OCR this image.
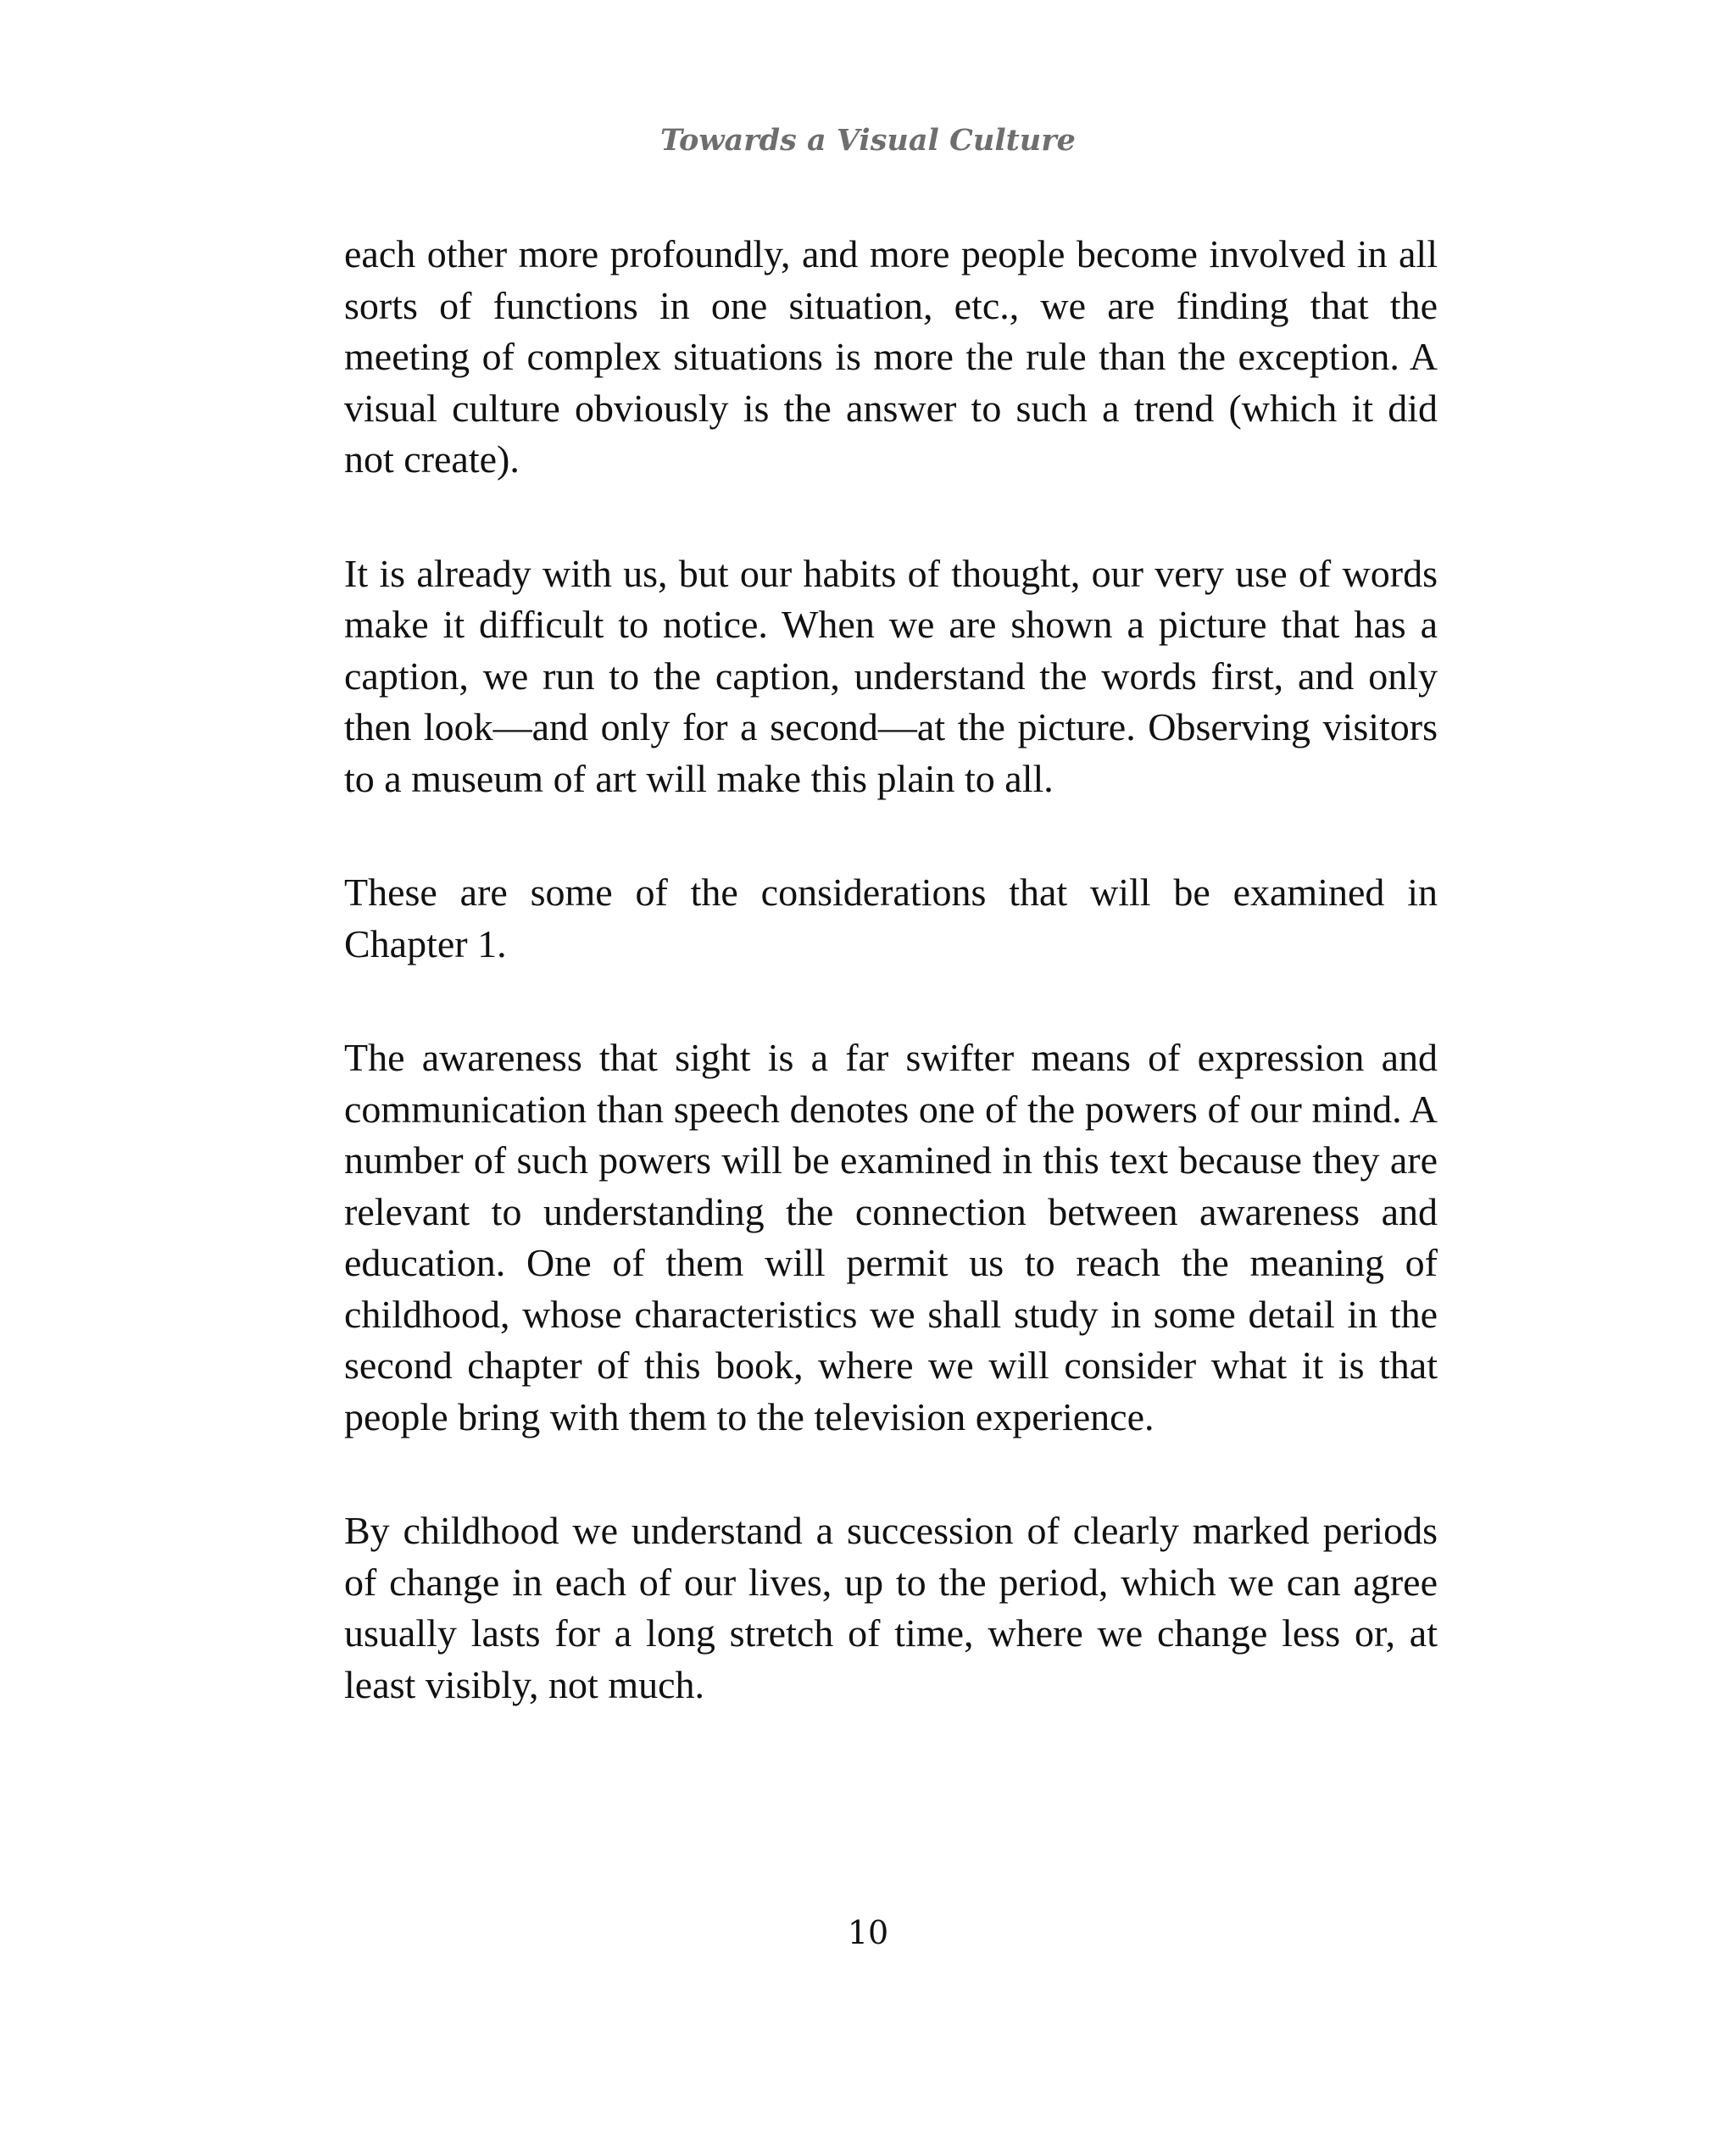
Towards a Visual Culture

each other more profoundly, and more people become involved in all sorts of functions in one situation, etc., we are finding that the meeting of complex situations is more the rule than the exception. A visual culture obviously is the answer to such a trend (which it did not create).

It is already with us, but our habits of thought, our very use of words make it difficult to notice. When we are shown a picture that has a caption, we run to the caption, understand the words first, and only then look—and only for a second—at the picture. Observing visitors to a museum of art will make this plain to all.

These are some of the considerations that will be examined in Chapter 1.

The awareness that sight is a far swifter means of expression and communication than speech denotes one of the powers of our mind. A number of such powers will be examined in this text because they are relevant to understanding the connection between awareness and education. One of them will permit us to reach the meaning of childhood, whose characteristics we shall study in some detail in the second chapter of this book, where we will consider what it is that people bring with them to the television experience.

By childhood we understand a succession of clearly marked periods of change in each of our lives, up to the period, which we can agree usually lasts for a long stretch of time, where we change less or, at least visibly, not much.

10
